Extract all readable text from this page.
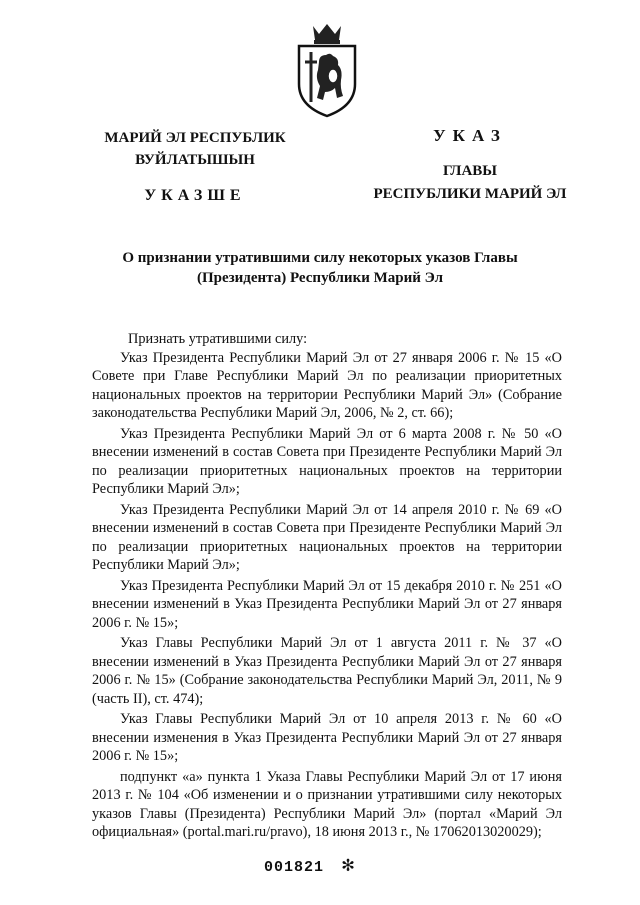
МАРИЙ ЭЛ РЕСПУБЛИК
ВУЙЛАТЫШЫН
УКАЗШЕ
УКАЗ
ГЛАВЫ
РЕСПУБЛИКИ МАРИЙ ЭЛ
О признании утратившими силу некоторых указов Главы
(Президента) Республики Марий Эл

Признать утратившими силу:

Указ Президента Республики Марий Эл от 27 января 2006 г. № 15 «О Совете при Главе Республики Марий Эл по реализации приоритетных национальных проектов на территории Республики Марий Эл» (Собрание законодательства Республики Марий Эл, 2006, № 2, ст. 66);

Указ Президента Республики Марий Эл от 6 марта 2008 г. № 50 «О внесении изменений в состав Совета при Президенте Республики Марий Эл по реализации приоритетных национальных проектов на территории Республики Марий Эл»;

Указ Президента Республики Марий Эл от 14 апреля 2010 г. № 69 «О внесении изменений в состав Совета при Президенте Республики Марий Эл по реализации приоритетных национальных проектов на территории Республики Марий Эл»;

Указ Президента Республики Марий Эл от 15 декабря 2010 г. № 251 «О внесении изменений в Указ Президента Республики Марий Эл от 27 января 2006 г. № 15»;

Указ Главы Республики Марий Эл от 1 августа 2011 г. № 37 «О внесении изменений в Указ Президента Республики Марий Эл от 27 января 2006 г. № 15» (Собрание законодательства Республики Марий Эл, 2011, № 9 (часть II), ст. 474);

Указ Главы Республики Марий Эл от 10 апреля 2013 г. № 60 «О внесении изменения в Указ Президента Республики Марий Эл от 27 января 2006 г. № 15»;

подпункт «а» пункта 1 Указа Главы Республики Марий Эл от 17 июня 2013 г. № 104 «Об изменении и о признании утратившими силу некоторых указов Главы (Президента) Республики Марий Эл» (портал «Марий Эл официальная» (portal.mari.ru/pravo), 18 июня 2013 г., № 17062013020029);

001821 ✻
